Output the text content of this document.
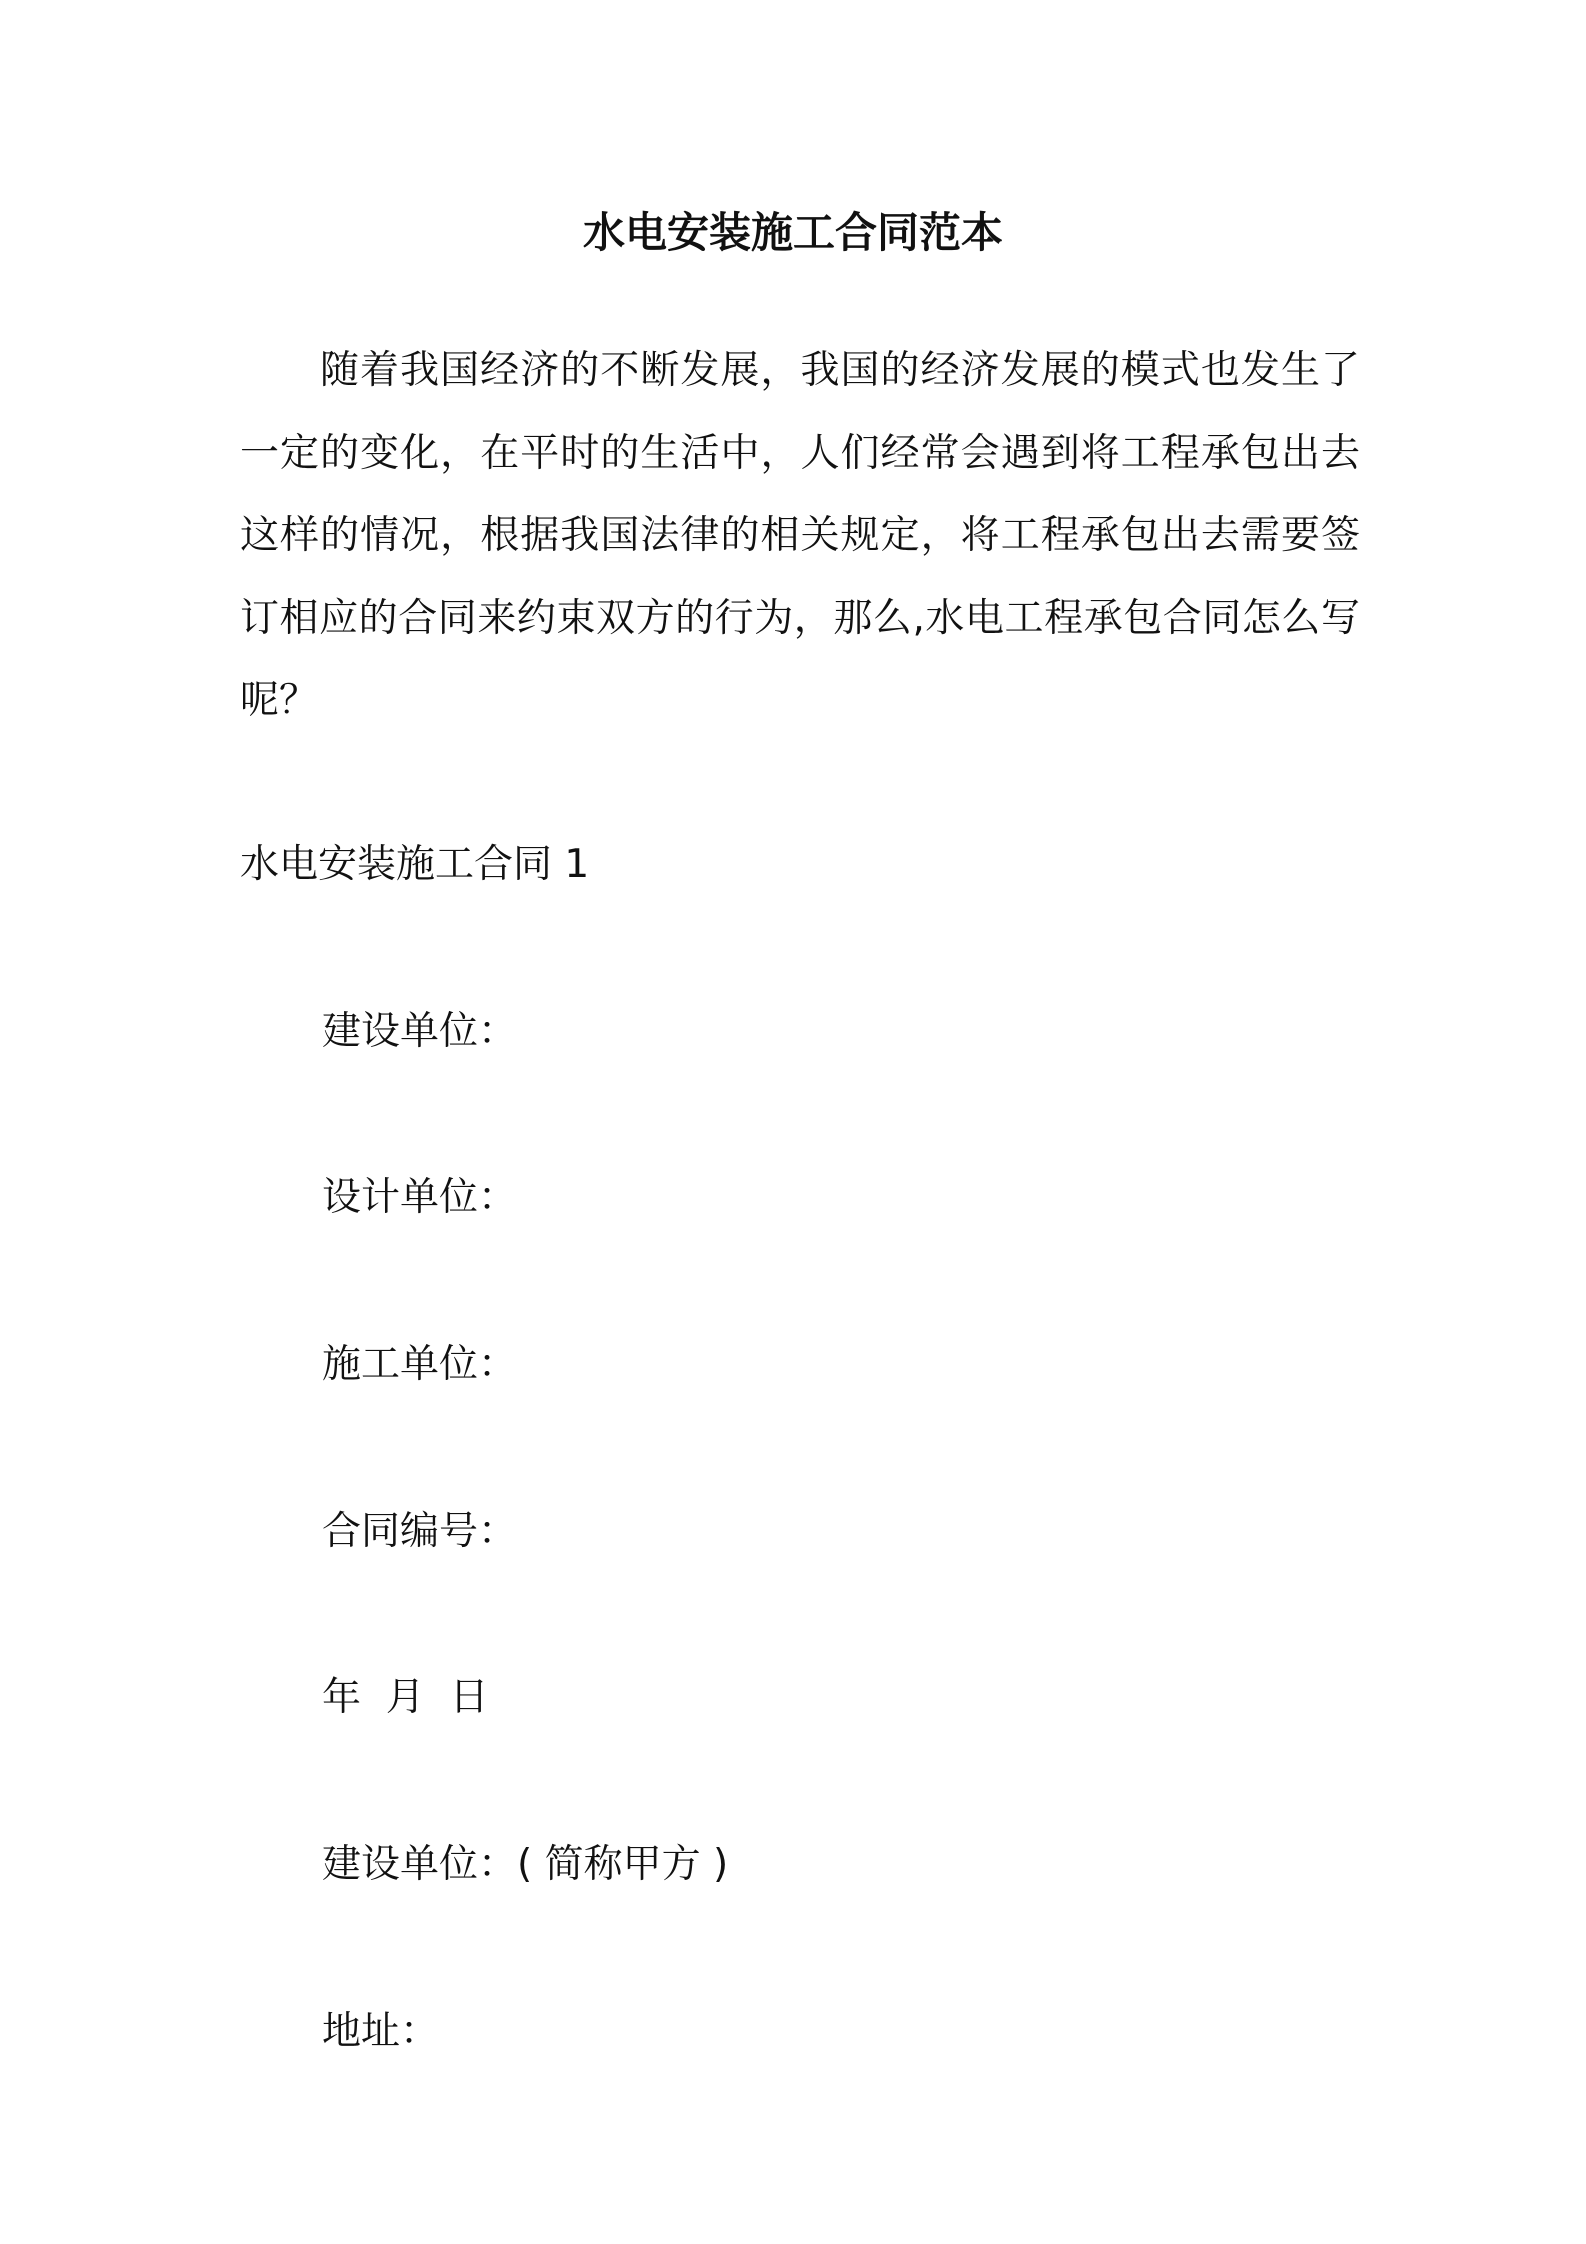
水电安装施工合同范本

随着我国经济的不断发展，我国的经济发展的模式也发生了一定的变化，在平时的生活中，人们经常会遇到将工程承包出去这样的情况，根据我国法律的相关规定，将工程承包出去需要签订相应的合同来约束双方的行为，那么,水电工程承包合同怎么写呢？

水电安装施工合同 1

建设单位：

设计单位：

施工单位：

合同编号：

年  月  日

建设单位：( 简称甲方 )

地址：
